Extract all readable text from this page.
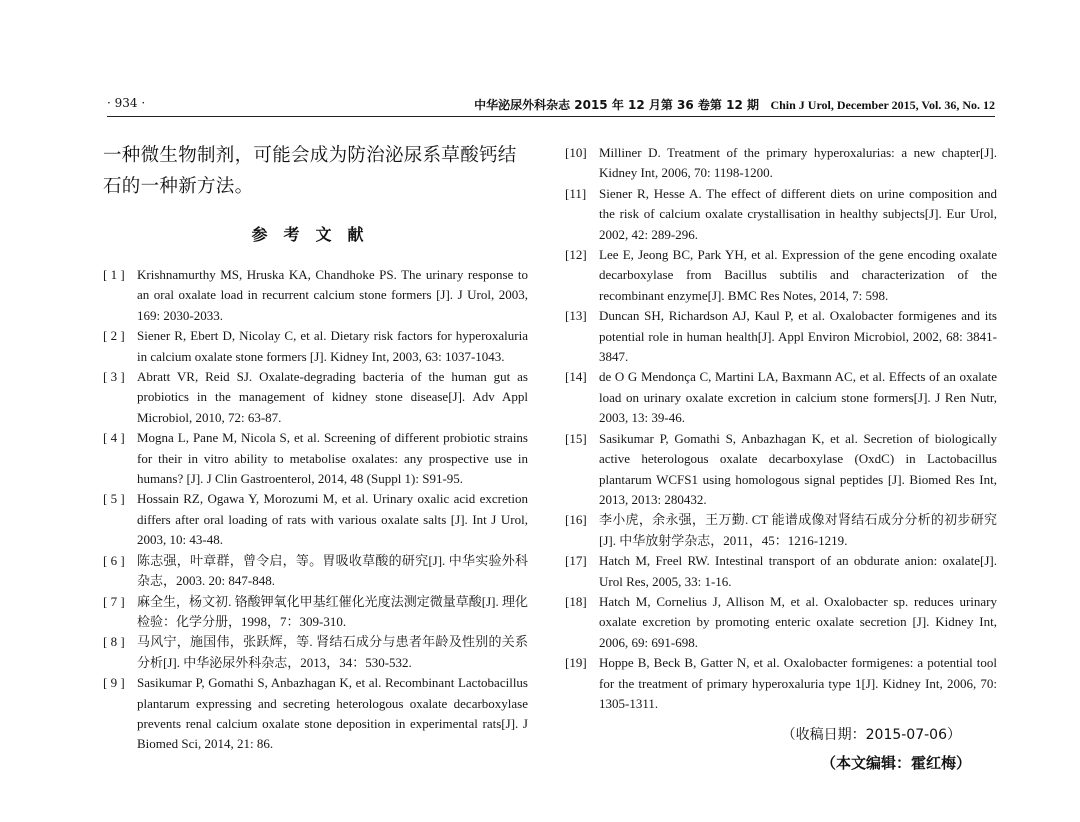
· 934 ·	中华泌尿外科杂志 2015 年 12 月第 36 卷第 12 期 Chin J Urol, December 2015, Vol. 36, No. 12

一种微生物制剂，可能会成为防治泌尿系草酸钙结石的一种新方法。

参考文献
[ 1 ] Krishnamurthy MS, Hruska KA, Chandhoke PS. The urinary response to an oral oxalate load in recurrent calcium stone formers [J]. J Urol, 2003, 169: 2030-2033.
[ 2 ] Siener R, Ebert D, Nicolay C, et al. Dietary risk factors for hyperoxaluria in calcium oxalate stone formers [J]. Kidney Int, 2003, 63: 1037-1043.
[ 3 ] Abratt VR, Reid SJ. Oxalate-degrading bacteria of the human gut as probiotics in the management of kidney stone disease[J]. Adv Appl Microbiol, 2010, 72: 63-87.
[ 4 ] Mogna L, Pane M, Nicola S, et al. Screening of different probiotic strains for their in vitro ability to metabolise oxalates: any prospective use in humans? [J]. J Clin Gastroenterol, 2014, 48 (Suppl 1): S91-95.
[ 5 ] Hossain RZ, Ogawa Y, Morozumi M, et al. Urinary oxalic acid excretion differs after oral loading of rats with various oxalate salts [J]. Int J Urol, 2003, 10: 43-48.
[ 6 ] 陈志强，叶章群，曾令启，等。胃吸收草酸的研究[J]. 中华实验外科杂志，2003. 20: 847-848.
[ 7 ] 麻全生，杨文初. 铬酸钾氧化甲基红催化光度法测定微量草酸[J]. 理化检验：化学分册，1998，7：309-310.
[ 8 ] 马风宁，施国伟，张跃辉，等. 肾结石成分与患者年龄及性别的关系分析[J]. 中华泌尿外科杂志，2013，34：530-532.
[ 9 ] Sasikumar P, Gomathi S, Anbazhagan K, et al. Recombinant Lactobacillus plantarum expressing and secreting heterologous oxalate decarboxylase prevents renal calcium oxalate stone deposition in experimental rats[J]. J Biomed Sci, 2014, 21: 86.
[10] Milliner D. Treatment of the primary hyperoxalurias: a new chapter[J]. Kidney Int, 2006, 70: 1198-1200.
[11] Siener R, Hesse A. The effect of different diets on urine composition and the risk of calcium oxalate crystallisation in healthy subjects[J]. Eur Urol, 2002, 42: 289-296.
[12] Lee E, Jeong BC, Park YH, et al. Expression of the gene encoding oxalate decarboxylase from Bacillus subtilis and characterization of the recombinant enzyme[J]. BMC Res Notes, 2014, 7: 598.
[13] Duncan SH, Richardson AJ, Kaul P, et al. Oxalobacter formigenes and its potential role in human health[J]. Appl Environ Microbiol, 2002, 68: 3841-3847.
[14] de O G Mendonça C, Martini LA, Baxmann AC, et al. Effects of an oxalate load on urinary oxalate excretion in calcium stone formers[J]. J Ren Nutr, 2003, 13: 39-46.
[15] Sasikumar P, Gomathi S, Anbazhagan K, et al. Secretion of biologically active heterologous oxalate decarboxylase (OxdC) in Lactobacillus plantarum WCFS1 using homologous signal peptides [J]. Biomed Res Int, 2013, 2013: 280432.
[16] 李小虎，余永强，王万勤. CT 能谱成像对肾结石成分分析的初步研究[J]. 中华放射学杂志，2011，45：1216-1219.
[17] Hatch M, Freel RW. Intestinal transport of an obdurate anion: oxalate[J]. Urol Res, 2005, 33: 1-16.
[18] Hatch M, Cornelius J, Allison M, et al. Oxalobacter sp. reduces urinary oxalate excretion by promoting enteric oxalate secretion [J]. Kidney Int, 2006, 69: 691-698.
[19] Hoppe B, Beck B, Gatter N, et al. Oxalobacter formigenes: a potential tool for the treatment of primary hyperoxaluria type 1[J]. Kidney Int, 2006, 70: 1305-1311.

（收稿日期：2015-07-06）

（本文编辑：霍红梅）
